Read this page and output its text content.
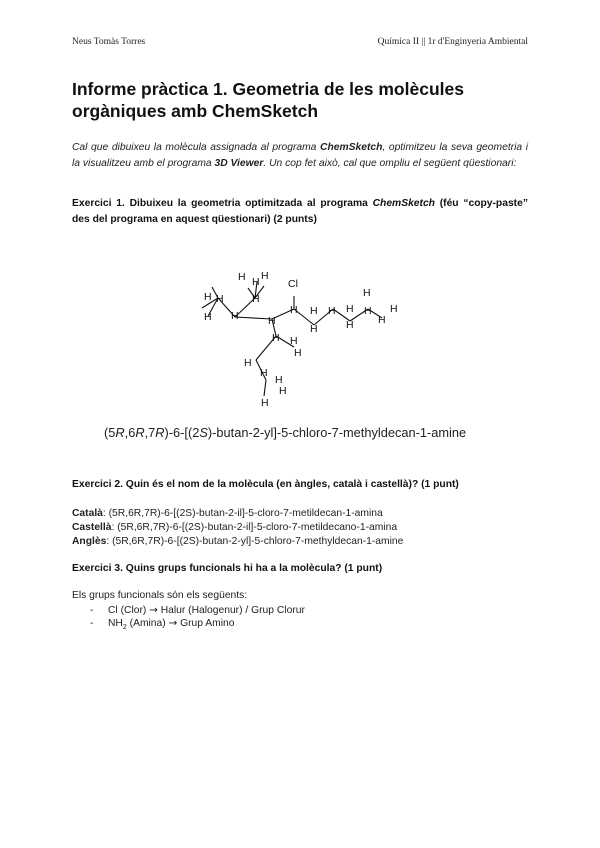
Neus Tomàs Torres	Química II || 1r d'Enginyeria Ambiental
Informe pràctica 1. Geometria de les molècules orgàniques amb ChemSketch

Cal que dibuixeu la molècula assignada al programa ChemSketch, optimitzeu la seva geometria i la visualitzeu amb el programa 3D Viewer. Un cop fet això, cal que ompliu el següent qüestionari:

Exercici 1. Dibuixeu la geometria optimitzada al programa ChemSketch (féu “copy-paste” des del programa en aquest qüestionari) (2 punts)

H H H
Cl
H H
H H
H
H
H H
H
H H
H
H
H H
H
H H
H
H
H
H
H
H
(5R,6R,7R)-6-[(2S)-butan-2-yl]-5-chloro-7-methyldecan-1-amine
Exercici 2. Quin és el nom de la molècula (en àngles, català i castellà)? (1 punt)
Català: (5R,6R,7R)-6-[(2S)-butan-2-il]-5-cloro-7-metildecan-1-amina
Castellà: (5R,6R,7R)-6-[(2S)-butan-2-il]-5-cloro-7-metildecano-1-amina
Anglès: (5R,6R,7R)-6-[(2S)-butan-2-yl]-5-chloro-7-methyldecan-1-amine
Exercici 3. Quins grups funcionals hi ha a la molècula? (1 punt)
Els grups funcionals són els següents:
- Cl (Clor) → Halur (Halogenur) / Grup Clorur
- $NH_2$ (Amina) → Grup Amino
